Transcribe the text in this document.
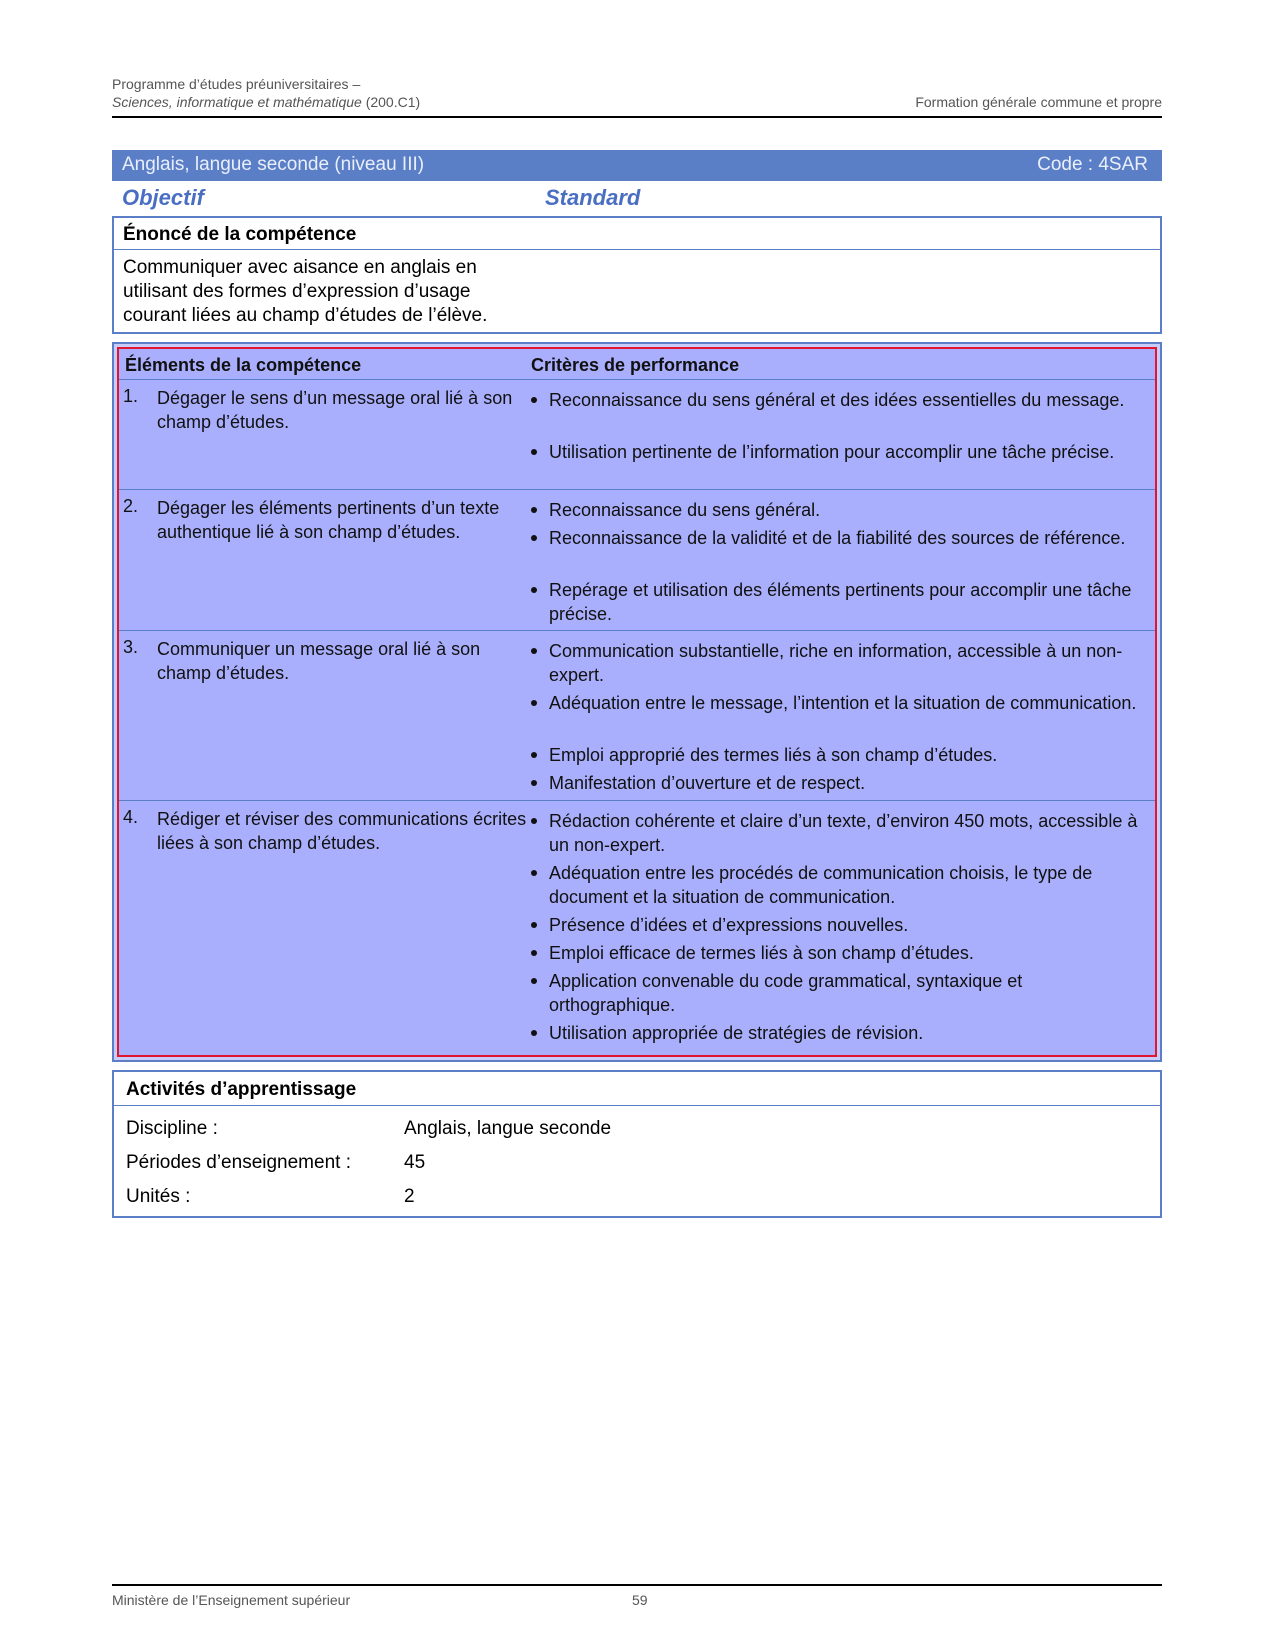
Programme d’études préuniversitaires –
Sciences, informatique et mathématique (200.C1)	Formation générale commune et propre
Anglais, langue seconde (niveau III)	Code : 4SAR
Objectif	Standard
Énoncé de la compétence
Communiquer avec aisance en anglais en utilisant des formes d’expression d’usage courant liées au champ d’études de l’élève.
Éléments de la compétence	Critères de performance
1. Dégager le sens d’un message oral lié à son champ d’études.
Reconnaissance du sens général et des idées essentielles du message.
Utilisation pertinente de l’information pour accomplir une tâche précise.
2. Dégager les éléments pertinents d’un texte authentique lié à son champ d’études.
Reconnaissance du sens général.
Reconnaissance de la validité et de la fiabilité des sources de référence.
Repérage et utilisation des éléments pertinents pour accomplir une tâche précise.
3. Communiquer un message oral lié à son champ d’études.
Communication substantielle, riche en information, accessible à un non-expert.
Adéquation entre le message, l’intention et la situation de communication.
Emploi approprié des termes liés à son champ d’études.
Manifestation d’ouverture et de respect.
4. Rédiger et réviser des communications écrites liées à son champ d’études.
Rédaction cohérente et claire d’un texte, d’environ 450 mots, accessible à un non-expert.
Adéquation entre les procédés de communication choisis, le type de document et la situation de communication.
Présence d’idées et d’expressions nouvelles.
Emploi efficace de termes liés à son champ d’études.
Application convenable du code grammatical, syntaxique et orthographique.
Utilisation appropriée de stratégies de révision.
Activités d’apprentissage
Discipline :	Anglais, langue seconde
Périodes d’enseignement :	45
Unités :	2
Ministère de l’Enseignement supérieur	59
